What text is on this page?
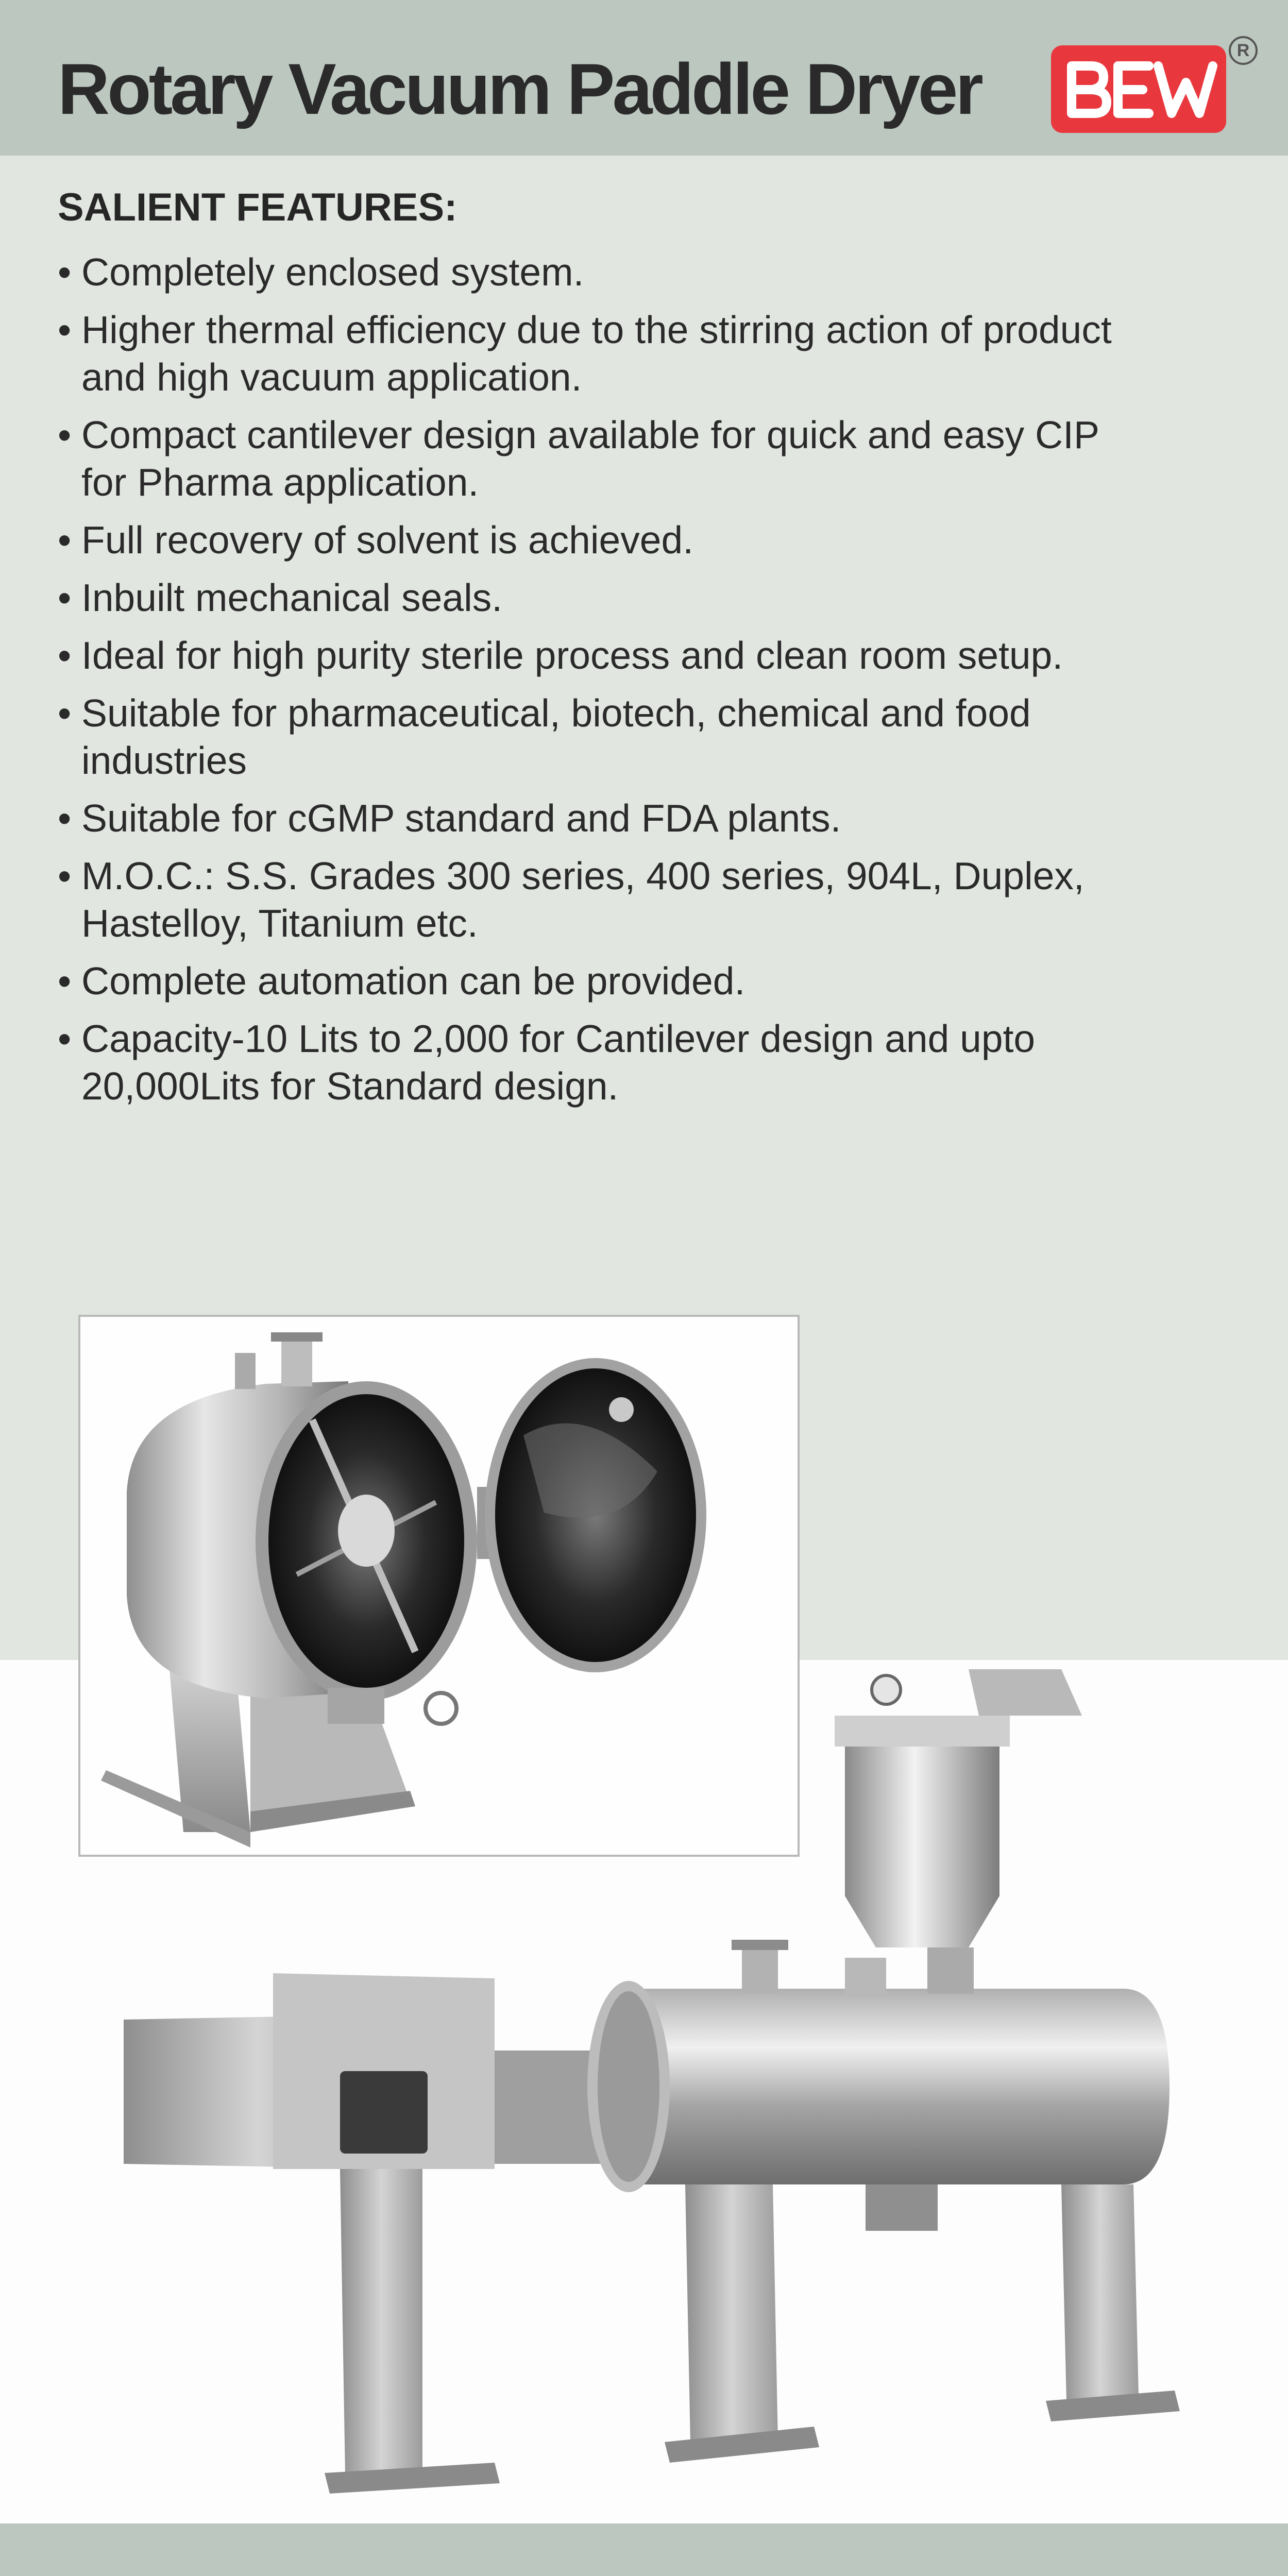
Rotary Vacuum Paddle Dryer	R
SALIENT FEATURES:
• Completely enclosed system.
• Higher thermal efficiency due to the stirring action of product
and high vacuum application.
• Compact cantilever design available for quick and easy CIP
for Pharma application.
• Full recovery of solvent is achieved.
• Inbuilt mechanical seals.
• Ideal for high purity sterile process and clean room setup.
• Suitable for pharmaceutical, biotech, chemical and food
industries
• Suitable for cGMP standard and FDA plants.
• M.O.C.: S.S. Grades 300 series, 400 series, 904L, Duplex,
Hastelloy, Titanium etc.
• Complete automation can be provided.
• Capacity-10 Lits to 2,000 for Cantilever design and upto
20,000Lits for Standard design.
